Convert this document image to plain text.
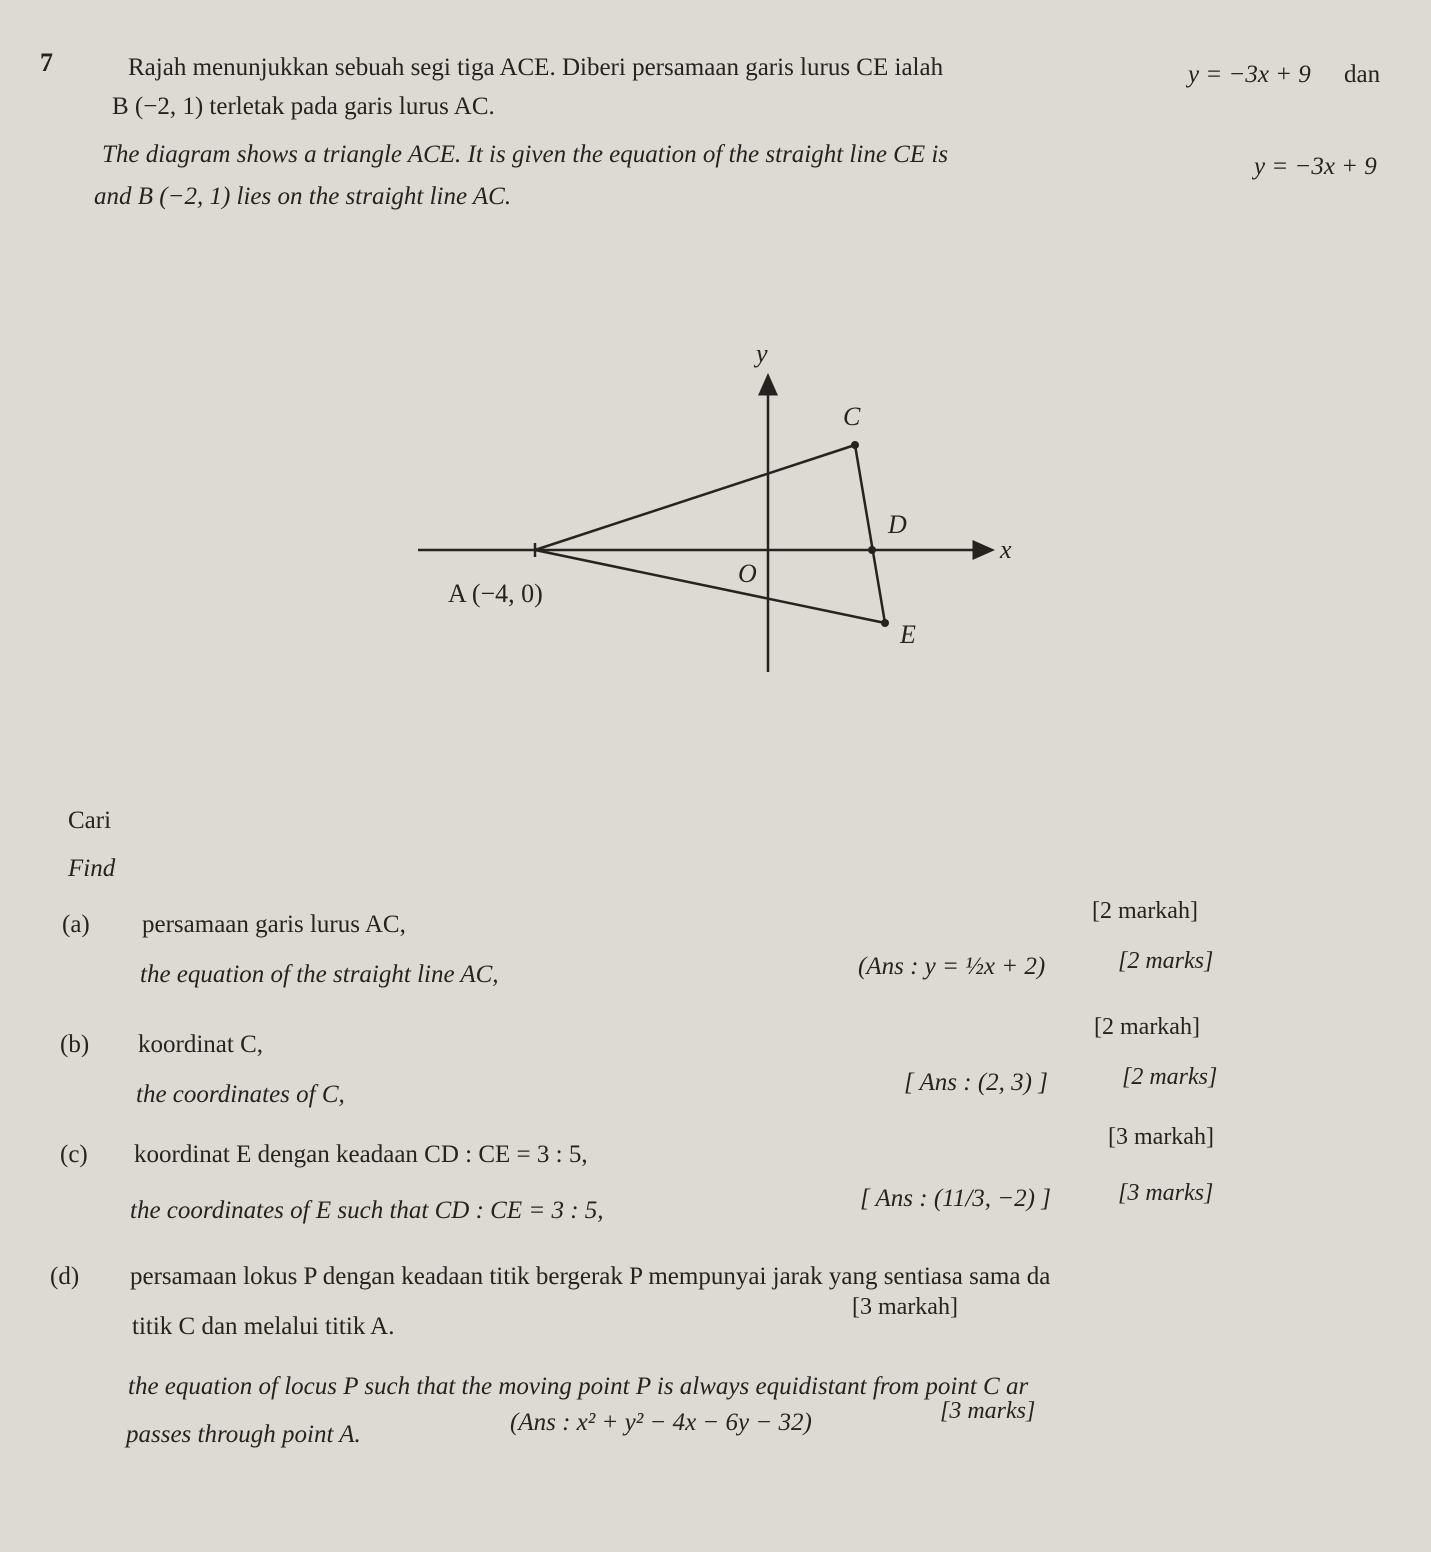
7	Rajah menunjukkan sebuah segi tiga ACE. Diberi persamaan garis lurus CE ialah	y = −3x + 9 dan
B (−2, 1) terletak pada garis lurus AC.
The diagram shows a triangle ACE. It is given the equation of the straight line CE is	y = −3x + 9
and B (−2, 1) lies on the straight line AC.
y
x
O
C
D
E
A (−4, 0)
Cari
Find
(a) persamaan garis lurus AC,	[2 markah]
the equation of the straight line AC,	(Ans : y = ½x + 2)	[2 marks]
(b) koordinat C,
[2 markah]
the coordinates of C,	[ Ans : (2, 3) ]	[2 marks]
(c) koordinat E dengan keadaan CD : CE = 3 : 5,
[3 markah]
the coordinates of E such that CD : CE = 3 : 5,	[ Ans : (11/3, −2) ]	[3 marks]
(d) persamaan lokus P dengan keadaan titik bergerak P mempunyai jarak yang sentiasa sama da
titik C dan melalui titik A.
[3 markah]
the equation of locus P such that the moving point P is always equidistant from point C ar
passes through point A.	(Ans : x² + y² − 4x − 6y − 32)	[3 marks]
